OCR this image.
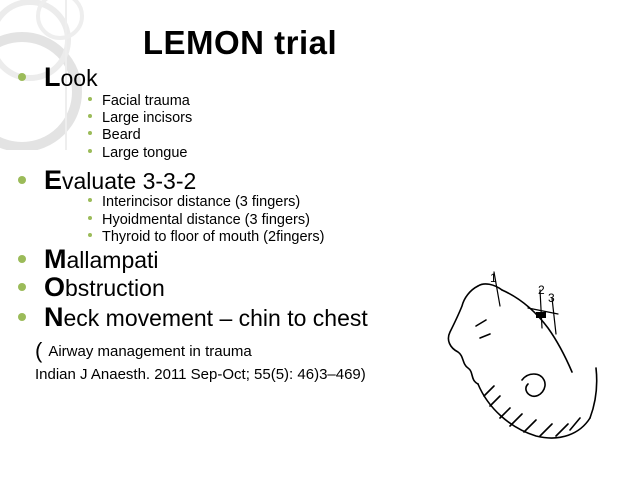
LEMON trial
Look
Facial trauma
Large incisors
Beard
Large tongue
Evaluate 3-3-2
Interincisor distance (3 fingers)
Hyoidmental distance (3 fingers)
Thyroid to floor of mouth (2fingers)
Mallampati
Obstruction
Neck movement – chin to chest
( Airway management in trauma
Indian J Anaesth. 2011 Sep-Oct; 55(5): 46)3–469)
1
2
3
